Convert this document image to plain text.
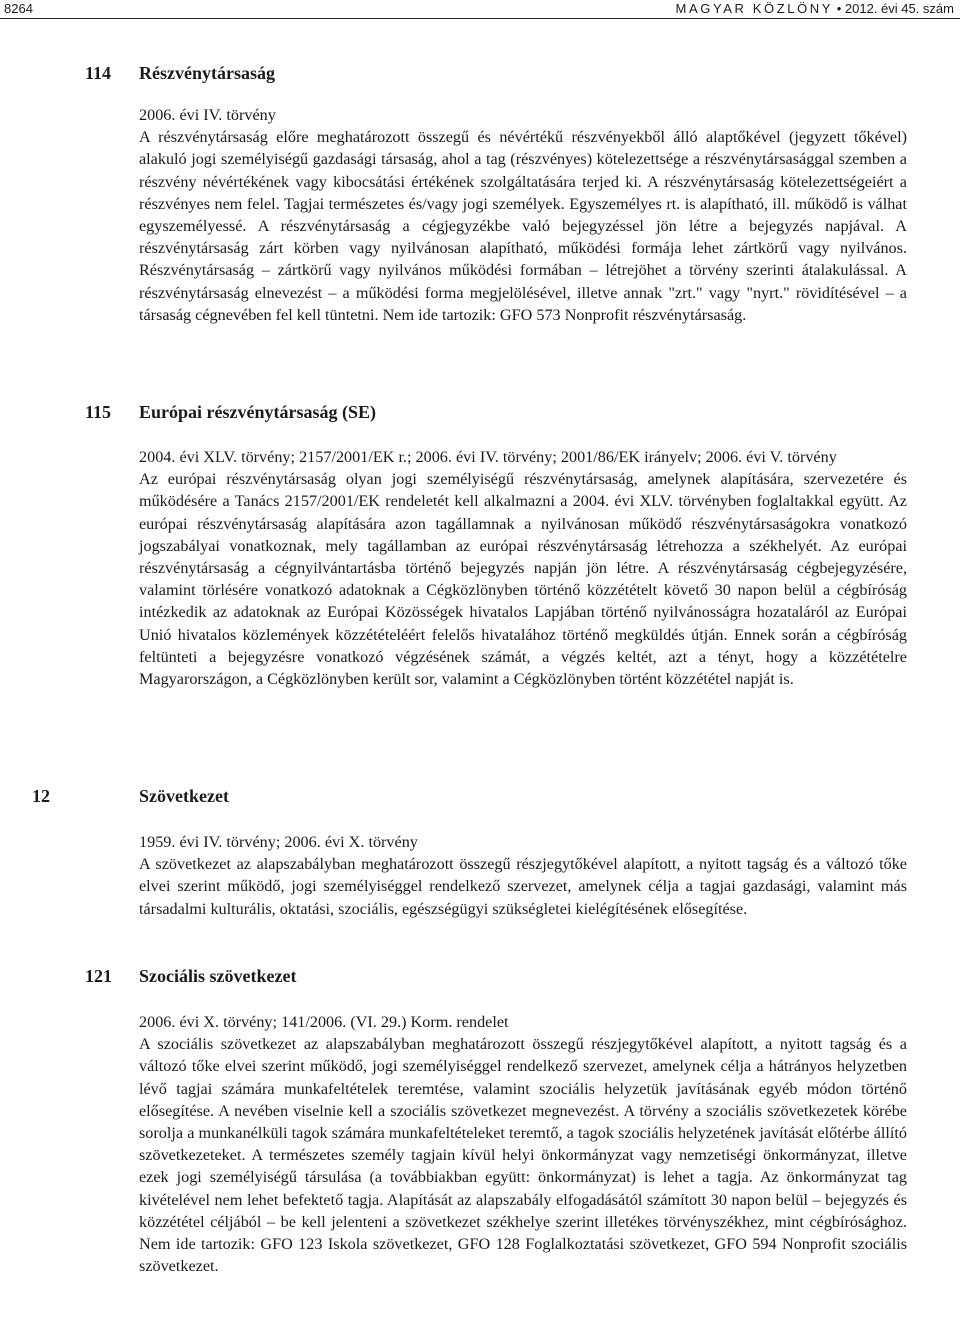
8264	MAGYAR KÖZLÖNY • 2012. évi 45. szám
114	Részvénytársaság

2006. évi IV. törvény

A részvénytársaság előre meghatározott összegű és névértékű részvényekből álló alaptőkével (jegyzett tőkével) alakuló jogi személyiségű gazdasági társaság, ahol a tag (részvényes) kötelezettsége a részvénytársasággal szemben a részvény névértékének vagy kibocsátási értékének szolgáltatására terjed ki. A részvénytársaság kötelezettségeiért a részvényes nem felel. Tagjai természetes és/vagy jogi személyek. Egyszemélyes rt. is alapítható, ill. működő is válhat egyszemélyessé. A részvénytársaság a cégjegyzékbe való bejegyzéssel jön létre a bejegyzés napjával. A részvénytársaság zárt körben vagy nyilvánosan alapítható, működési formája lehet zártkörű vagy nyilvános. Részvénytársaság – zártkörű vagy nyilvános működési formában – létrejöhet a törvény szerinti átalakulással. A részvénytársaság elnevezést – a működési forma megjelölésével, illetve annak "zrt." vagy "nyrt." rövidítésével – a társaság cégnevében fel kell tüntetni. Nem ide tartozik: GFO 573 Nonprofit részvénytársaság.

115	Európai részvénytársaság (SE)

2004. évi XLV. törvény; 2157/2001/EK r.; 2006. évi IV. törvény; 2001/86/EK irányelv; 2006. évi V. törvény

Az európai részvénytársaság olyan jogi személyiségű részvénytársaság, amelynek alapítására, szervezetére és működésére a Tanács 2157/2001/EK rendeletét kell alkalmazni a 2004. évi XLV. törvényben foglaltakkal együtt. Az európai részvénytársaság alapítására azon tagállamnak a nyilvánosan működő részvénytársaságokra vonatkozó jogszabályai vonatkoznak, mely tagállamban az európai részvénytársaság létrehozza a székhelyét. Az európai részvénytársaság a cégnyilvántartásba történő bejegyzés napján jön létre. A részvénytársaság cégbejegyzésére, valamint törlésére vonatkozó adatoknak a Cégközlönyben történő közzétételt követő 30 napon belül a cégbíróság intézkedik az adatoknak az Európai Közösségek hivatalos Lapjában történő nyilvánosságra hozataláról az Európai Unió hivatalos közlemények közzétételéért felelős hivatalához történő megküldés útján. Ennek során a cégbíróság feltünteti a bejegyzésre vonatkozó végzésének számát, a végzés keltét, azt a tényt, hogy a közzétételre Magyarországon, a Cégközlönyben került sor, valamint a Cégközlönyben történt közzététel napját is.

12	Szövetkezet

1959. évi IV. törvény; 2006. évi X. törvény

A szövetkezet az alapszabályban meghatározott összegű részjegytőkével alapított, a nyitott tagság és a változó tőke elvei szerint működő, jogi személyiséggel rendelkező szervezet, amelynek célja a tagjai gazdasági, valamint más társadalmi kulturális, oktatási, szociális, egészségügyi szükségletei kielégítésének elősegítése.

121	Szociális szövetkezet

2006. évi X. törvény; 141/2006. (VI. 29.) Korm. rendelet

A szociális szövetkezet az alapszabályban meghatározott összegű részjegytőkével alapított, a nyitott tagság és a változó tőke elvei szerint működő, jogi személyiséggel rendelkező szervezet, amelynek célja a hátrányos helyzetben lévő tagjai számára munkafeltételek teremtése, valamint szociális helyzetük javításának egyéb módon történő elősegítése. A nevében viselnie kell a szociális szövetkezet megnevezést. A törvény a szociális szövetkezetek körébe sorolja a munkanélküli tagok számára munkafeltételeket teremtő, a tagok szociális helyzetének javítását előtérbe állító szövetkezeteket. A természetes személy tagjain kívül helyi önkormányzat vagy nemzetiségi önkormányzat, illetve ezek jogi személyiségű társulása (a továbbiakban együtt: önkormányzat) is lehet a tagja. Az önkormányzat tag kivételével nem lehet befektető tagja. Alapítását az alapszabály elfogadásától számított 30 napon belül – bejegyzés és közzététel céljából – be kell jelenteni a szövetkezet székhelye szerint illetékes törvényszékhez, mint cégbírósághoz. Nem ide tartozik: GFO 123 Iskola szövetkezet, GFO 128 Foglalkoztatási szövetkezet, GFO 594 Nonprofit szociális szövetkezet.
